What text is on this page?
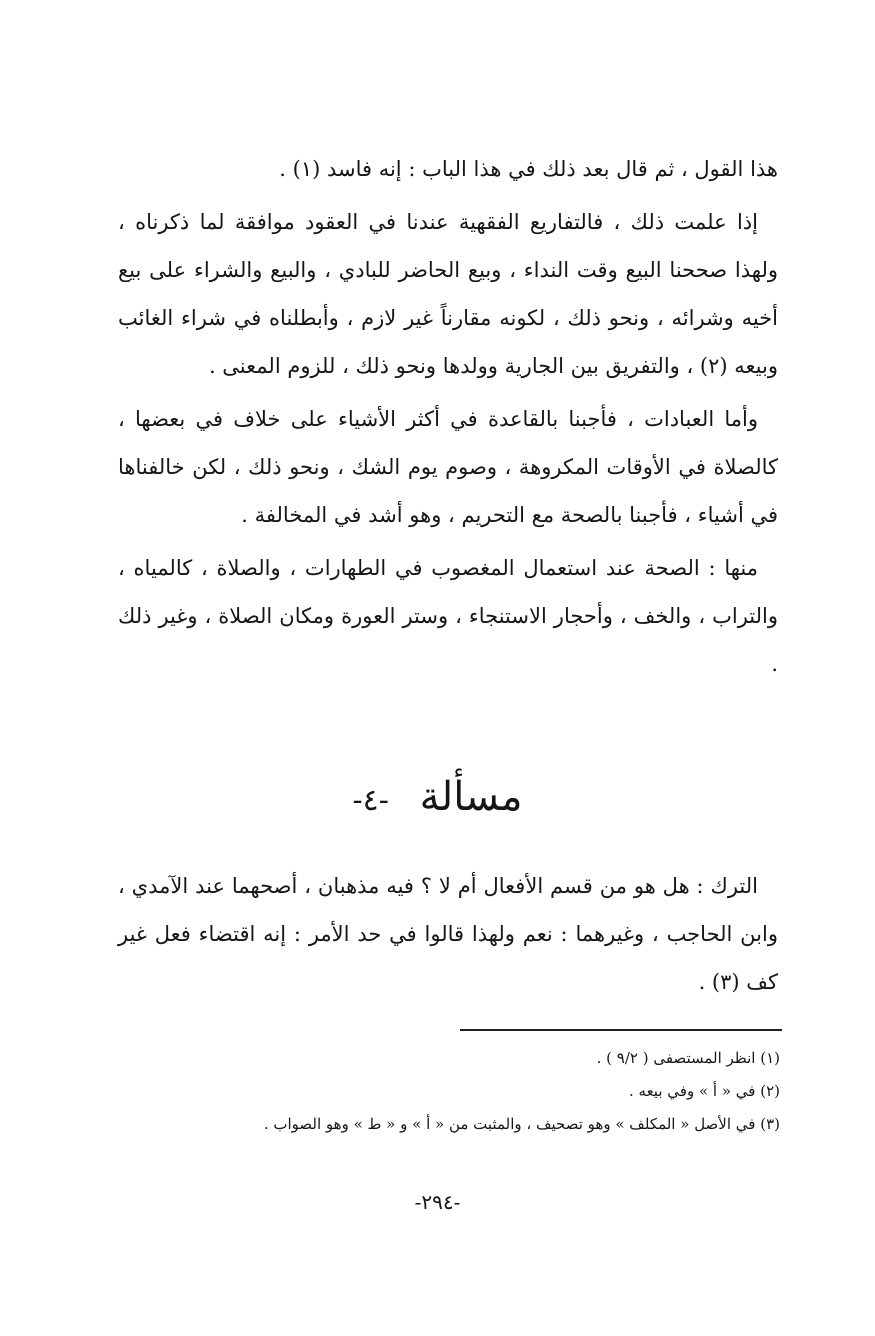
هذا القول ، ثم قال بعد ذلك في هذا الباب : إنه فاسد (١) .

إذا علمت ذلك ، فالتفاريع الفقهية عندنا في العقود موافقة لما ذكرناه ، ولهذا صححنا البيع وقت النداء ، وبيع الحاضر للبادي ، والبيع والشراء على بيع أخيه وشرائه ، ونحو ذلك ، لكونه مقارناً غير لازم ، وأبطلناه في شراء الغائب وبيعه (٢) ، والتفريق بين الجارية وولدها ونحو ذلك ، للزوم المعنى .

وأما العبادات ، فأجبنا بالقاعدة في أكثر الأشياء على خلاف في بعضها ، كالصلاة في الأوقات المكروهة ، وصوم يوم الشك ، ونحو ذلك ، لكن خالفناها في أشياء ، فأجبنا بالصحة مع التحريم ، وهو أشد في المخالفة .

منها : الصحة عند استعمال المغصوب في الطهارات ، والصلاة ، كالمياه ، والتراب ، والخف ، وأحجار الاستنجاء ، وستر العورة ومكان الصلاة ، وغير ذلك .

مسألة -٤-

الترك : هل هو من قسم الأفعال أم لا ؟ فيه مذهبان ، أصحهما عند الآمدي ، وابن الحاجب ، وغيرهما : نعم ولهذا قالوا في حد الأمر : إنه اقتضاء فعل غير كف (٣) .

(١) انظر المستصفى ( ٩/٢ ) .

(٢) في « أ » وفي بيعه .

(٣) في الأصل « المكلف » وهو تصحيف ، والمثبت من « أ » و « ط » وهو الصواب .

-٢٩٤-
